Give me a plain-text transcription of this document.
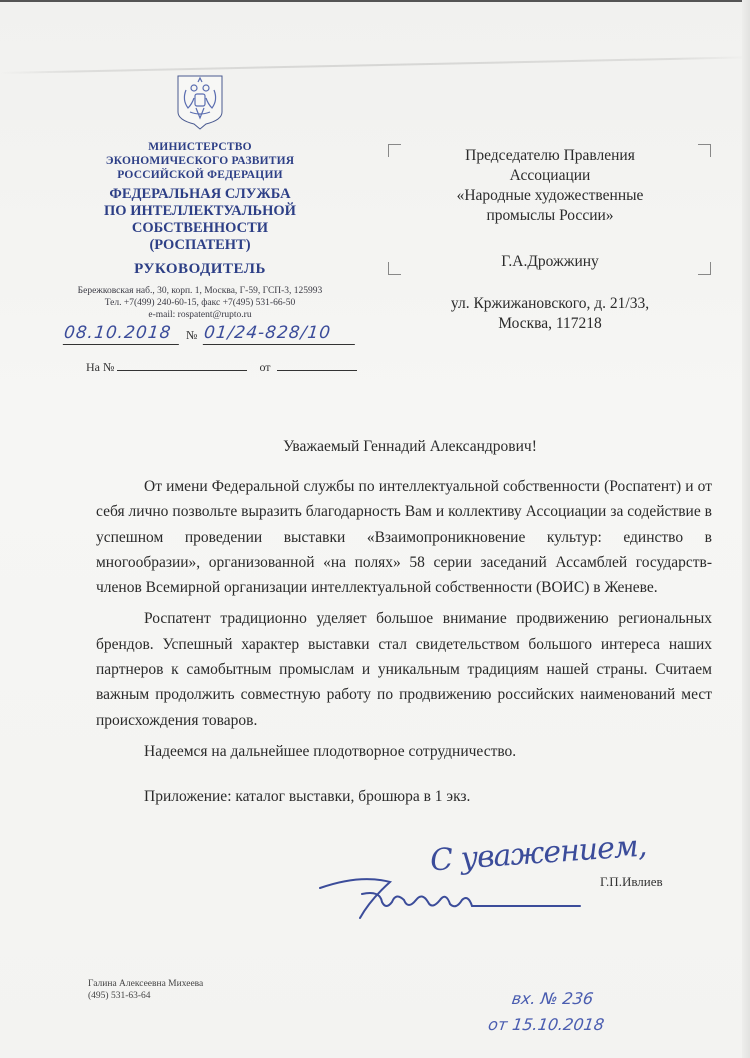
МИНИСТЕРСТВО
ЭКОНОМИЧЕСКОГО РАЗВИТИЯ
РОССИЙСКОЙ ФЕДЕРАЦИИ
ФЕДЕРАЛЬНАЯ СЛУЖБА
ПО ИНТЕЛЛЕКТУАЛЬНОЙ
СОБСТВЕННОСТИ
(РОСПАТЕНТ)
РУКОВОДИТЕЛЬ
Бережковская наб., 30, корп. 1, Москва, Г-59, ГСП-3, 125993
Тел. +7(499) 240-60-15, факс +7(495) 531-66-50
e-mail: rospatent@rupto.ru
08.10.2018	№ 01/24-828/10
На №	от
Председателю Правления
Ассоциации
«Народные художественные
промыслы России»
Г.А.Дрожжину
ул. Кржижановского, д. 21/33,
Москва, 117218
Уважаемый Геннадий Александрович!

От имени Федеральной службы по интеллектуальной собственности (Роспатент) и от себя лично позвольте выразить благодарность Вам и коллективу Ассоциации за содействие в успешном проведении выставки «Взаимопроникновение культур: единство в многообразии», организованной «на полях» 58 серии заседаний Ассамблей государств-членов Всемирной организации интеллектуальной собственности (ВОИС) в Женеве.

Роспатент традиционно уделяет большое внимание продвижению региональных брендов. Успешный характер выставки стал свидетельством большого интереса наших партнеров к самобытным промыслам и уникальным традициям нашей страны. Считаем важным продолжить совместную работу по продвижению российских наименований мест происхождения товаров.

Надеемся на дальнейшее плодотворное сотрудничество.

Приложение: каталог выставки, брошюра в 1 экз.

С уважением,
Г.П.Ивлиев
Галина Алексеевна Михеева
(495) 531-63-64	вх. № 236
от 15.10.2018
